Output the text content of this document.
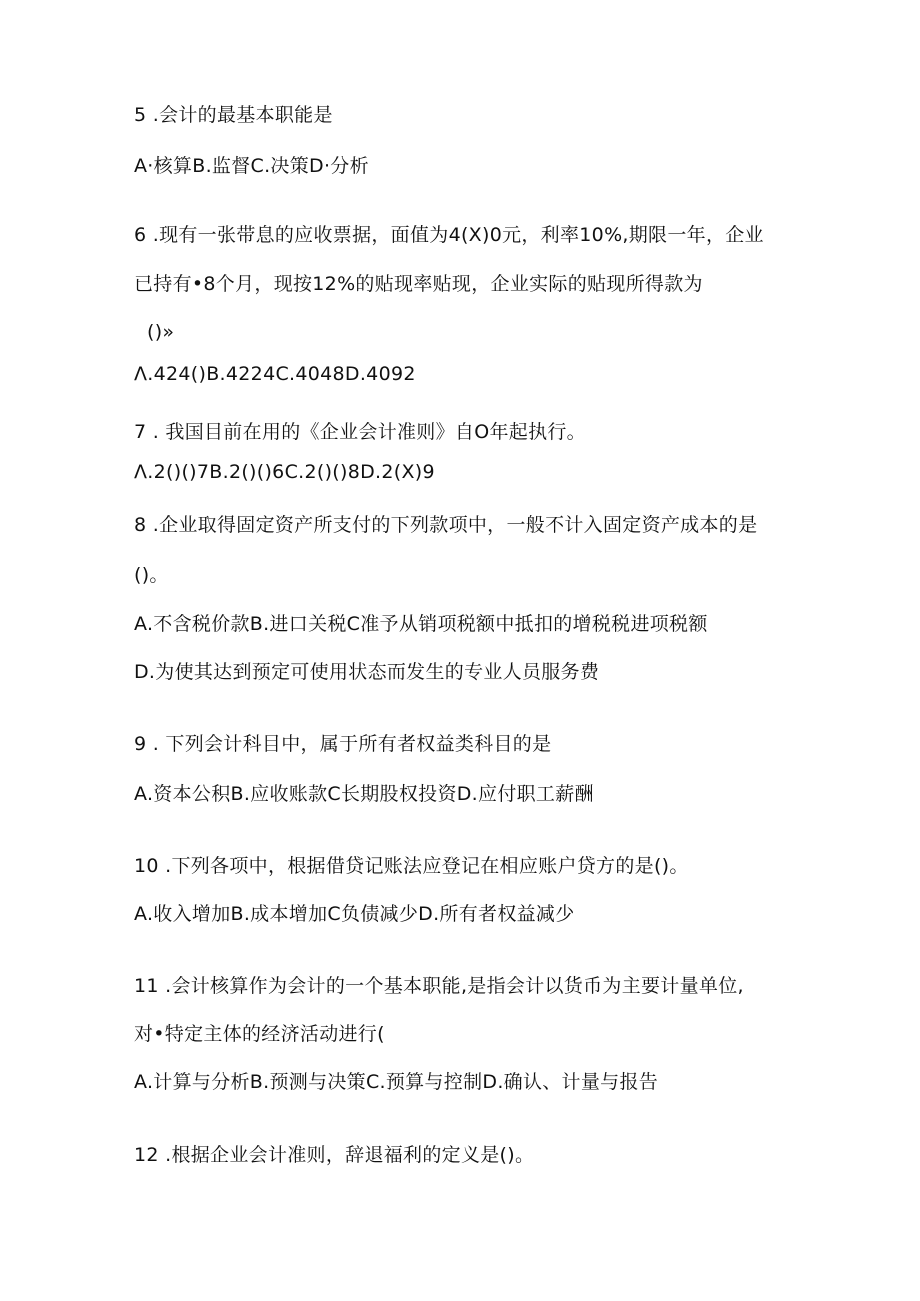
5 .会计的最基本职能是
A·核算B.监督C.决策D·分析
6 .现有一张带息的应收票据，面值为4(X)0元，利率10%,期限一年，企业
已持有•8个月，现按12%的贴现率贴现，企业实际的贴现所得款为
()»
Λ.424()B.4224C.4048D.4092
7 . 我国目前在用的《企业会计准则》自O年起执行。
Λ.2()()7B.2()()6C.2()()8D.2(X)9
8 .企业取得固定资产所支付的下列款项中，一般不计入固定资产成本的是
()。
A.不含税价款B.进口关税C准予从销项税额中抵扣的增税税进项税额
D.为使其达到预定可使用状态而发生的专业人员服务费
9 . 下列会计科目中，属于所有者权益类科目的是
A.资本公积B.应收账款C长期股权投资D.应付职工薪酬
10 .下列各项中，根据借贷记账法应登记在相应账户贷方的是()。
A.收入增加B.成本增加C负债减少D.所有者权益减少
11 .会计核算作为会计的一个基本职能,是指会计以货币为主要计量单位,
对•特定主体的经济活动进行(
A.计算与分析B.预测与决策C.预算与控制D.确认、计量与报告
12 .根据企业会计准则，辞退福利的定义是()。
